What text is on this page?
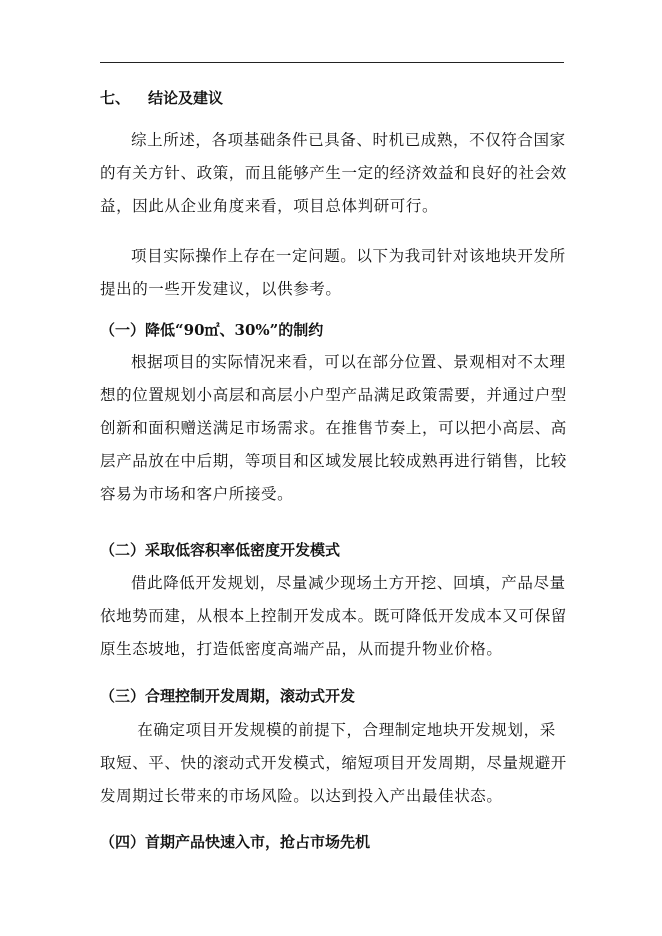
七、 结论及建议

综上所述，各项基础条件已具备、时机已成熟，不仅符合国家的有关方针、政策，而且能够产生一定的经济效益和良好的社会效益，因此从企业角度来看，项目总体判研可行。

项目实际操作上存在一定问题。以下为我司针对该地块开发所提出的一些开发建议，以供参考。

（一）降低“90㎡、30%”的制约

根据项目的实际情况来看，可以在部分位置、景观相对不太理想的位置规划小高层和高层小户型产品满足政策需要，并通过户型创新和面积赠送满足市场需求。在推售节奏上，可以把小高层、高层产品放在中后期，等项目和区域发展比较成熟再进行销售，比较容易为市场和客户所接受。

（二）采取低容积率低密度开发模式

借此降低开发规划，尽量减少现场土方开挖、回填，产品尽量依地势而建，从根本上控制开发成本。既可降低开发成本又可保留原生态坡地，打造低密度高端产品，从而提升物业价格。

（三）合理控制开发周期，滚动式开发

在确定项目开发规模的前提下，合理制定地块开发规划，采取短、平、快的滚动式开发模式，缩短项目开发周期，尽量规避开发周期过长带来的市场风险。以达到投入产出最佳状态。

（四）首期产品快速入市，抢占市场先机
